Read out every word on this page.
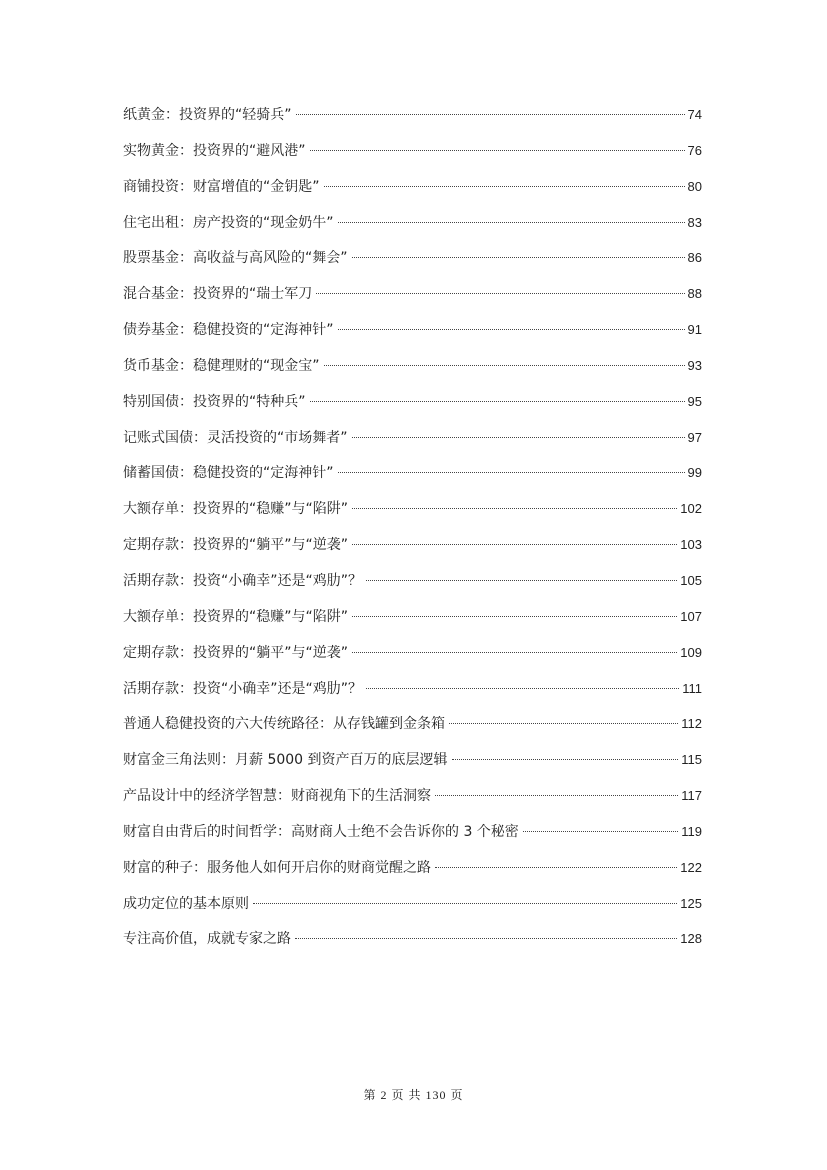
纸黄金：投资界的“轻骑兵”	74
实物黄金：投资界的“避风港”	76
商铺投资：财富增值的“金钥匙”	80
住宅出租：房产投资的“现金奶牛”	83
股票基金：高收益与高风险的“舞会”	86
混合基金：投资界的“瑞士军刀	88
债券基金：稳健投资的“定海神针”	91
货币基金：稳健理财的“现金宝”	93
特别国债：投资界的“特种兵”	95
记账式国债：灵活投资的“市场舞者”	97
储蓄国债：稳健投资的“定海神针”	99
大额存单：投资界的“稳赚”与“陷阱”	102
定期存款：投资界的“躺平”与“逆袭”	103
活期存款：投资“小确幸”还是“鸡肋”？	105
大额存单：投资界的“稳赚”与“陷阱”	107
定期存款：投资界的“躺平”与“逆袭”	109
活期存款：投资“小确幸”还是“鸡肋”？	111
普通人稳健投资的六大传统路径：从存钱罐到金条箱	112
财富金三角法则：月薪 5000 到资产百万的底层逻辑	115
产品设计中的经济学智慧：财商视角下的生活洞察	117
财富自由背后的时间哲学：高财商人士绝不会告诉你的 3 个秘密	119
财富的种子：服务他人如何开启你的财商觉醒之路	122
成功定位的基本原则	125
专注高价值，成就专家之路	128
第 2 页 共 130 页
